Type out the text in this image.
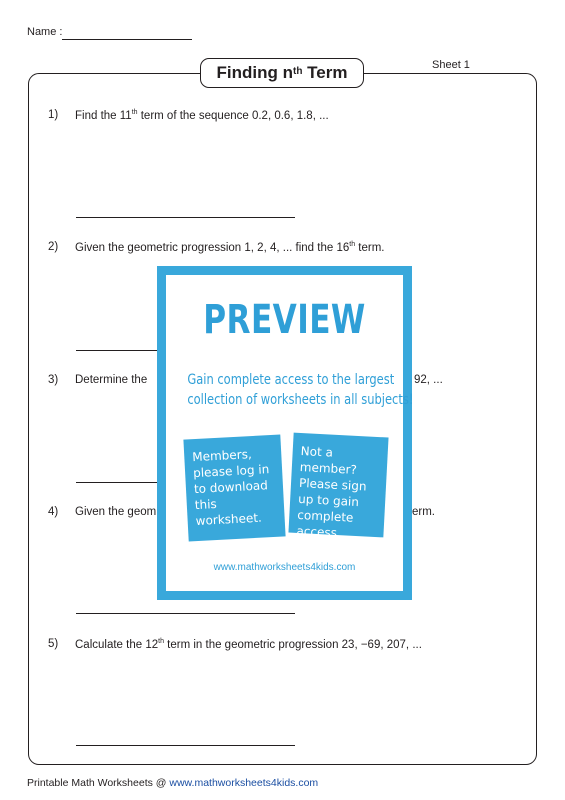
Name :
Sheet 1
Finding $n^{th}$ Term
1) Find the 11th term of the sequence 0.2, 0.6, 1.8, ...
2) Given the geometric progression 1, 2, 4, ... find the 16th term.
3) Determine the	92, ...
4) Given the geom	erm.
5) Calculate the 12th term in the geometric progression 23, −69, 207, ...
PREVIEW
Gain complete access to the largest
collection of worksheets in all subjects!
Members, please log in to download this worksheet.
Not a member? Please sign up to gain complete access.
www.mathworksheets4kids.com
Printable Math Worksheets @ www.mathworksheets4kids.com
